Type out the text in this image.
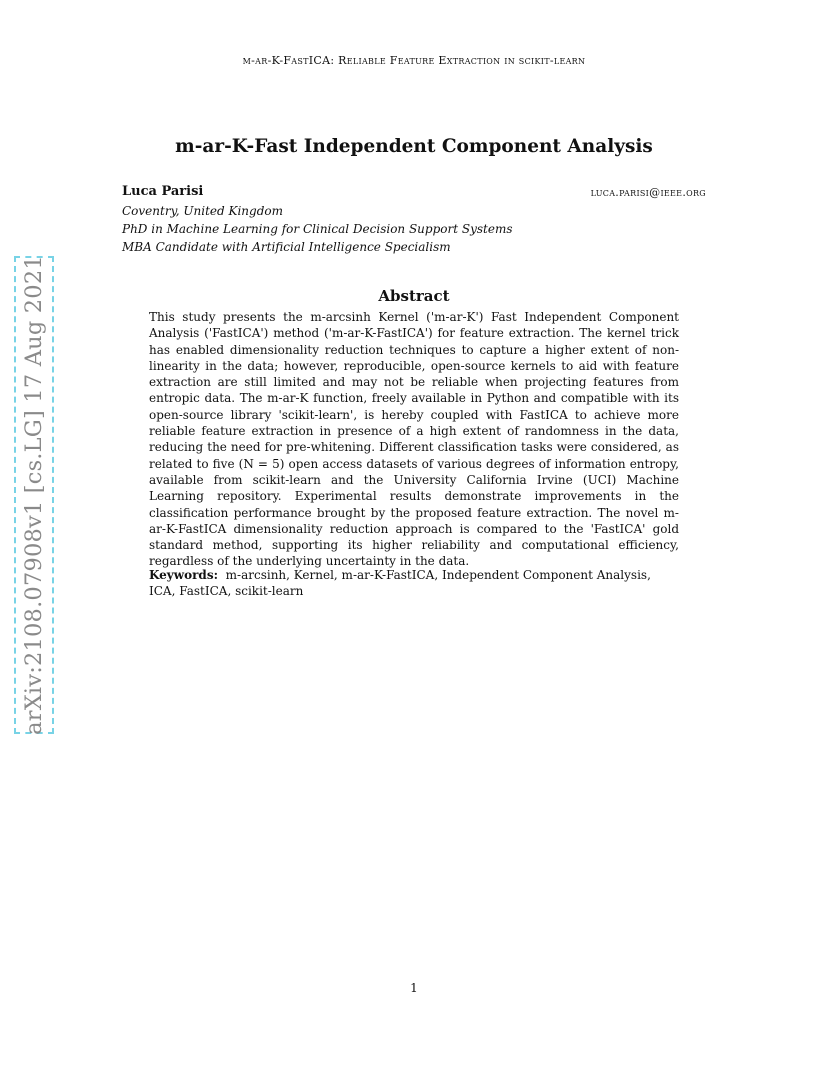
m-ar-K-FastICA: Reliable Feature Extraction in scikit-learn
m-ar-K-Fast Independent Component Analysis
Luca Parisi	luca.parisi@ieee.org
Coventry, United Kingdom
PhD in Machine Learning for Clinical Decision Support Systems
MBA Candidate with Artificial Intelligence Specialism
Abstract
This study presents the m-arcsinh Kernel ('m-ar-K') Fast Independent Component Analysis ('FastICA') method ('m-ar-K-FastICA') for feature extraction. The kernel trick has enabled dimensionality reduction techniques to capture a higher extent of non-linearity in the data; however, reproducible, open-source kernels to aid with feature extraction are still limited and may not be reliable when projecting features from entropic data. The m-ar-K function, freely available in Python and compatible with its open-source library 'scikit-learn', is hereby coupled with FastICA to achieve more reliable feature extraction in presence of a high extent of randomness in the data, reducing the need for pre-whitening. Different classification tasks were considered, as related to five (N = 5) open access datasets of various degrees of information entropy, available from scikit-learn and the University California Irvine (UCI) Machine Learning repository. Experimental results demonstrate improvements in the classification performance brought by the proposed feature extraction. The novel m-ar-K-FastICA dimensionality reduction approach is compared to the 'FastICA' gold standard method, supporting its higher reliability and computational efficiency, regardless of the underlying uncertainty in the data.
Keywords: m-arcsinh, Kernel, m-ar-K-FastICA, Independent Component Analysis, ICA, FastICA, scikit-learn
arXiv:2108.07908v1 [cs.LG] 17 Aug 2021
1
